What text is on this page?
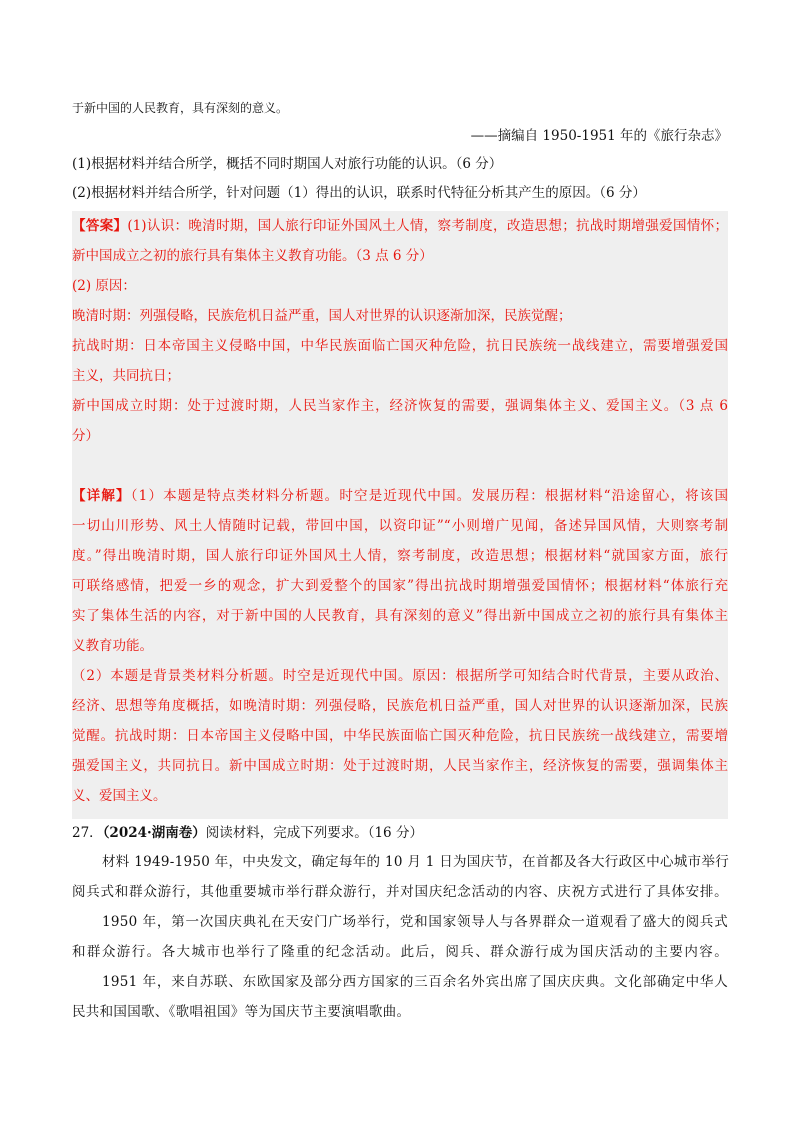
于新中国的人民教育，具有深刻的意义。
——摘编自 1950-1951 年的《旅行杂志》
(1)根据材料并结合所学，概括不同时期国人对旅行功能的认识。（6 分）
(2)根据材料并结合所学，针对问题（1）得出的认识，联系时代特征分析其产生的原因。（6 分）
【答案】(1)认识：晚清时期，国人旅行印证外国风土人情，察考制度，改造思想；抗战时期增强爱国情怀；
新中国成立之初的旅行具有集体主义教育功能。（3 点 6 分）
(2) 原因：
晚清时期：列强侵略，民族危机日益严重，国人对世界的认识逐渐加深，民族觉醒；
抗战时期：日本帝国主义侵略中国，中华民族面临亡国灭种危险，抗日民族统一战线建立，需要增强爱国
主义，共同抗日；
新中国成立时期：处于过渡时期，人民当家作主，经济恢复的需要，强调集体主义、爱国主义。（3 点 6
分）
【详解】（1）本题是特点类材料分析题。时空是近现代中国。发展历程：根据材料“沿途留心，将该国
一切山川形势、风土人情随时记载，带回中国，以资印证”“小则增广见闻，备述异国风情，大则察考制
度。”得出晚清时期，国人旅行印证外国风土人情，察考制度，改造思想；根据材料“就国家方面，旅行
可联络感情，把爱一乡的观念，扩大到爱整个的国家”得出抗战时期增强爱国情怀；根据材料“体旅行充
实了集体生活的内容，对于新中国的人民教育，具有深刻的意义”得出新中国成立之初的旅行具有集体主
义教育功能。
（2）本题是背景类材料分析题。时空是近现代中国。原因：根据所学可知结合时代背景，主要从政治、
经济、思想等角度概括，如晚清时期：列强侵略，民族危机日益严重，国人对世界的认识逐渐加深，民族
觉醒。抗战时期：日本帝国主义侵略中国，中华民族面临亡国灭种危险，抗日民族统一战线建立，需要增
强爱国主义，共同抗日。新中国成立时期：处于过渡时期，人民当家作主，经济恢复的需要，强调集体主
义、爱国主义。
27．（2024·湖南卷）阅读材料，完成下列要求。（16 分）
材料 1949-1950 年，中央发文，确定每年的 10 月 1 日为国庆节，在首都及各大行政区中心城市举行
阅兵式和群众游行，其他重要城市举行群众游行，并对国庆纪念活动的内容、庆祝方式进行了具体安排。
1950 年，第一次国庆典礼在天安门广场举行，党和国家领导人与各界群众一道观看了盛大的阅兵式
和群众游行。各大城市也举行了隆重的纪念活动。此后，阅兵、群众游行成为国庆活动的主要内容。
1951 年，来自苏联、东欧国家及部分西方国家的三百余名外宾出席了国庆庆典。文化部确定中华人
民共和国国歌、《歌唱祖国》等为国庆节主要演唱歌曲。
